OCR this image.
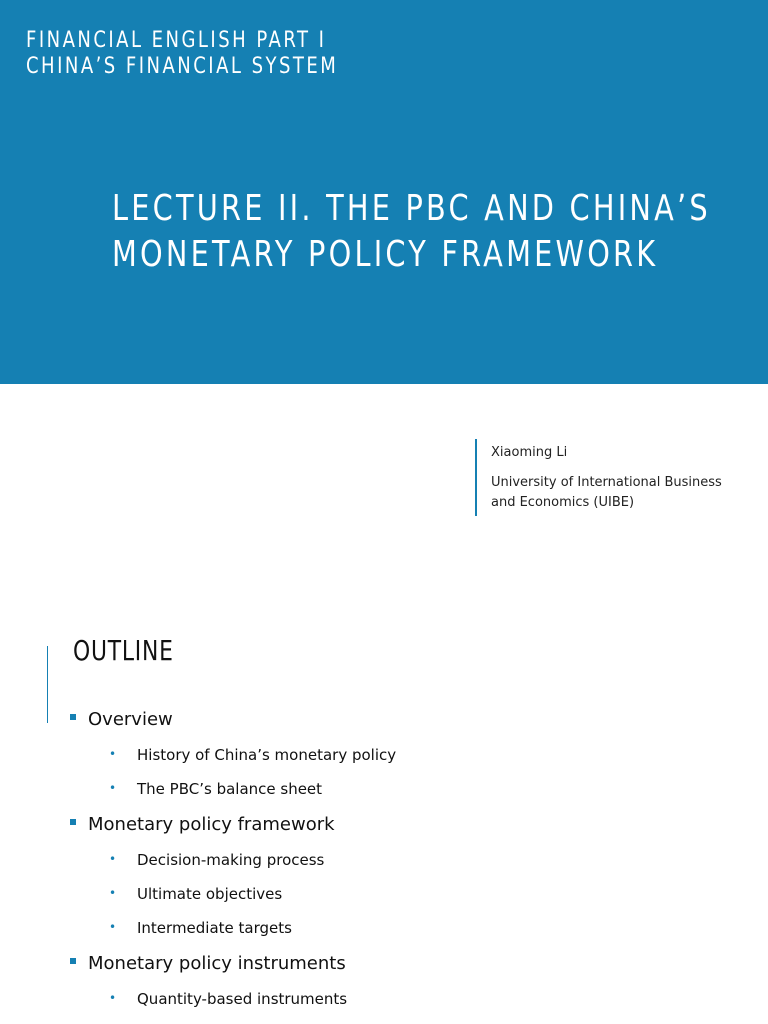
FINANCIAL ENGLISH PART I
CHINA’S FINANCIAL SYSTEM
LECTURE II. THE PBC AND CHINA’S
MONETARY POLICY FRAMEWORK
Xiaoming Li
University of International Business and Economics (UIBE)
OUTLINE
Overview
• History of China’s monetary policy
• The PBC’s balance sheet
Monetary policy framework
• Decision-making process
• Ultimate objectives
• Intermediate targets
Monetary policy instruments
• Quantity-based instruments
